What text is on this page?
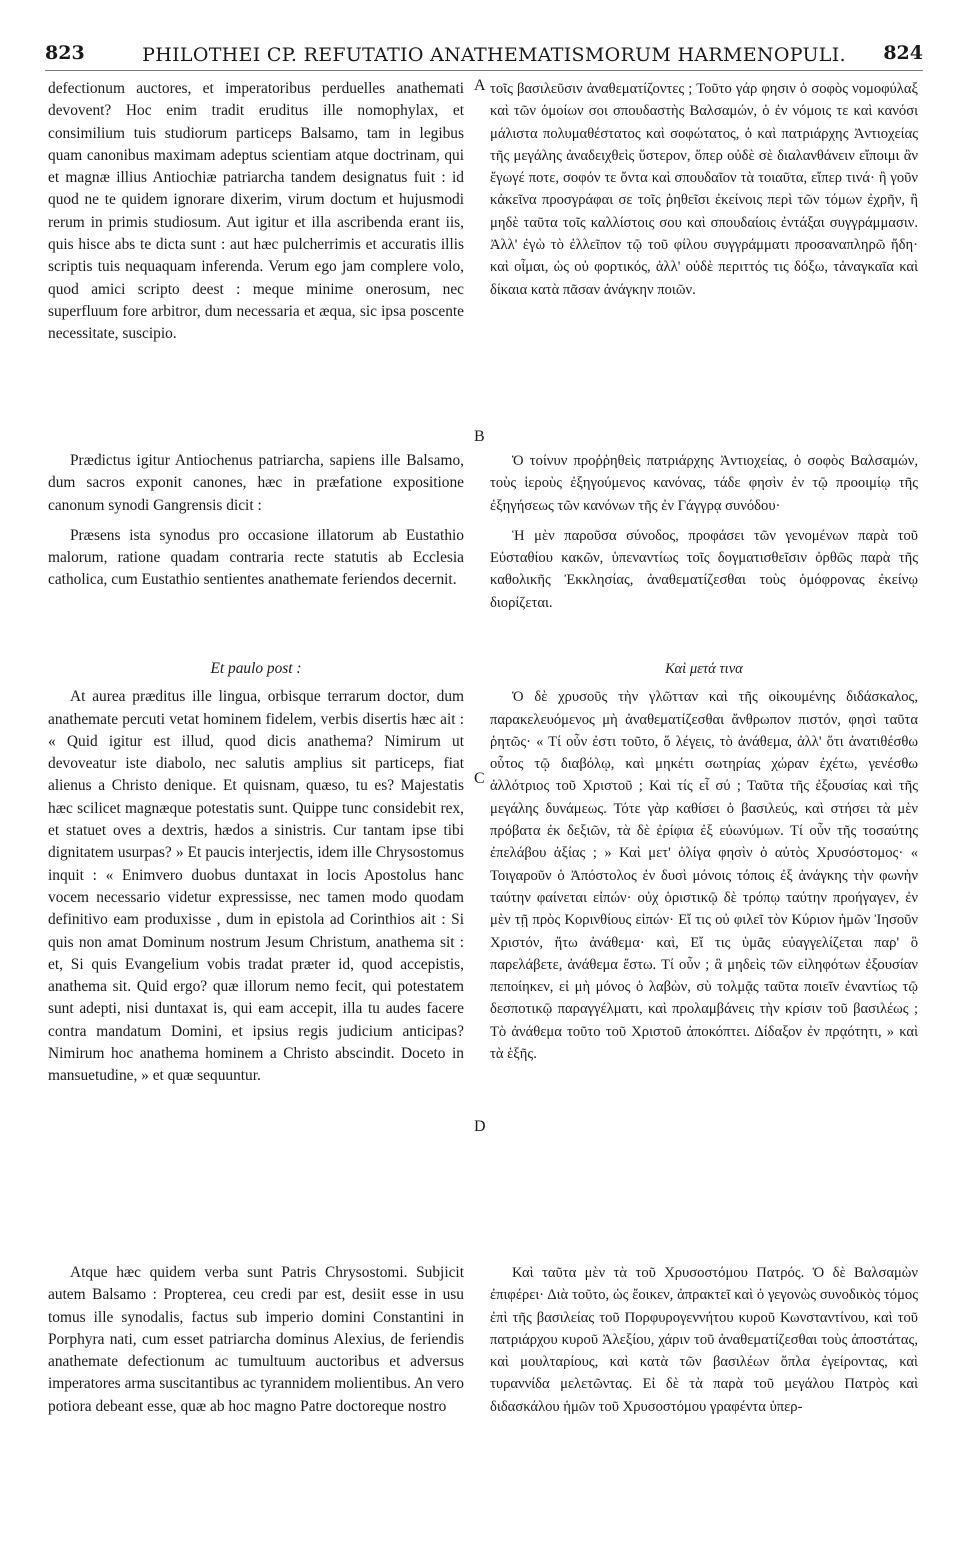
823	PHILOTHEI CP. REFUTATIO ANATHEMATISMORUM HARMENOPULI. 824
A
B
C
D

defectionum auctores, et imperatoribus perduelles anathemati devovent? Hoc enim tradit eruditus ille nomophylax, et consimilium tuis studiorum particeps Balsamo, tam in legibus quam canonibus maximam adeptus scientiam atque doctrinam, qui et magnæ illius Antiochiæ patriarcha tandem designatus fuit : id quod ne te quidem ignorare dixerim, virum doctum et hujusmodi rerum in primis studiosum. Aut igitur et illa ascribenda erant iis, quis hisce abs te dicta sunt : aut hæc pulcherrimis et accuratis illis scriptis tuis nequaquam inferenda. Verum ego jam complere volo, quod amici scripto deest : meque minime onerosum, nec superfluum fore arbitror, dum necessaria et æqua, sic ipsa poscente necessitate, suscipio.

Prædictus igitur Antiochenus patriarcha, sapiens ille Balsamo, dum sacros exponit canones, hæc in præfatione expositione canonum synodi Gangrensis dicit :

Præsens ista synodus pro occasione illatorum ab Eustathio malorum, ratione quadam contraria recte statutis ab Ecclesia catholica, cum Eustathio sentientes anathemate feriendos decernit.

Et paulo post :

At aurea præditus ille lingua, orbisque terrarum doctor, dum anathemate percuti vetat hominem fidelem, verbis disertis hæc ait : « Quid igitur est illud, quod dicis anathema? Nimirum ut devoveatur iste diabolo, nec salutis amplius sit particeps, fiat alienus a Christo denique. Et quisnam, quæso, tu es? Majestatis hæc scilicet magnæque potestatis sunt. Quippe tunc considebit rex, et statuet oves a dextris, hædos a sinistris. Cur tantam ipse tibi dignitatem usurpas? » Et paucis interjectis, idem ille Chrysostomus inquit : « Enimvero duobus duntaxat in locis Apostolus hanc vocem necessario videtur expressisse, nec tamen modo quodam definitivo eam produxisse , dum in epistola ad Corinthios ait : Si quis non amat Dominum nostrum Jesum Christum, anathema sit : et, Si quis Evangelium vobis tradat præter id, quod accepistis, anathema sit. Quid ergo? quæ illorum nemo fecit, qui potestatem sunt adepti, nisi duntaxat is, qui eam accepit, illa tu audes facere contra mandatum Domini, et ipsius regis judicium anticipas? Nimirum hoc anathema hominem a Christo abscindit. Doceto in mansuetudine, » et quæ sequuntur.

Atque hæc quidem verba sunt Patris Chrysostomi. Subjicit autem Balsamo : Propterea, ceu credi par est, desiit esse in usu tomus ille synodalis, factus sub imperio domini Constantini in Porphyra nati, cum esset patriarcha dominus Alexius, de feriendis anathemate defectionum ac tumultuum auctoribus et adversus imperatores arma suscitantibus ac tyrannidem molientibus. An vero potiora debeant esse, quæ ab hoc magno Patre doctoreque nostro

τοῖς βασιλεῦσιν ἀναθεματίζοντες ; Τοῦτο γάρ φησιν ὁ σοφὸς νομοφύλαξ καὶ τῶν ὁμοίων σοι σπουδαστὴς Βαλσαμών, ὁ ἐν νόμοις τε καὶ κανόσι μάλιστα πολυμαθέστατος καὶ σοφώτατος, ὁ καὶ πατριάρχης Ἀντιοχείας τῆς μεγάλης ἀναδειχθεὶς ὕστερον, ὅπερ οὐδὲ σὲ διαλανθάνειν εἴποιμι ἂν ἔγωγέ ποτε, σοφόν τε ὄντα καὶ σπουδαῖον τὰ τοιαῦτα, εἴπερ τινά· ἢ γοῦν κἀκεῖνα προσγράφαι σε τοῖς ῥηθεῖσι ἐκείνοις περὶ τῶν τόμων ἐχρῆν, ἢ μηδὲ ταῦτα τοῖς καλλίστοις σου καὶ σπουδαίοις ἐντάξαι συγγράμμασιν. Ἀλλ' ἐγὼ τὸ ἐλλεῖπον τῷ τοῦ φίλου συγγράμματι προσαναπληρῶ ἤδη· καὶ οἶμαι, ὡς οὐ φορτικός, ἀλλ' οὐδὲ περιττός τις δόξω, τἀναγκαῖα καὶ δίκαια κατὰ πᾶσαν ἀνάγκην ποιῶν.

Ὁ τοίνυν προῤῥηθεὶς πατριάρχης Ἀντιοχείας, ὁ σοφὸς Βαλσαμών, τοὺς ἱεροὺς ἐξηγούμενος κανόνας, τάδε φησὶν ἐν τῷ προοιμίῳ τῆς ἐξηγήσεως τῶν κανόνων τῆς ἐν Γάγγρᾳ συνόδου·

Ἡ μὲν παροῦσα σύνοδος, προφάσει τῶν γενομένων παρὰ τοῦ Εὐσταθίου κακῶν, ὑπεναντίως τοῖς δογματισθεῖσιν ὀρθῶς παρὰ τῆς καθολικῆς Ἐκκλησίας, ἀναθεματίζεσθαι τοὺς ὁμόφρονας ἐκείνῳ διορίζεται.

Καὶ μετά τινα

Ὁ δὲ χρυσοῦς τὴν γλῶτταν καὶ τῆς οἰκουμένης διδάσκαλος, παρακελευόμενος μὴ ἀναθεματίζεσθαι ἄνθρωπον πιστόν, φησὶ ταῦτα ῥητῶς· « Τί οὖν ἐστι τοῦτο, ὅ λέγεις, τὸ ἀνάθεμα, ἀλλ' ὅτι ἀνατιθέσθω οὗτος τῷ διαβόλῳ, καὶ μηκέτι σωτηρίας χώραν ἐχέτω, γενέσθω ἀλλότριος τοῦ Χριστοῦ ; Καὶ τίς εἶ σύ ; Ταῦτα τῆς ἐξουσίας καὶ τῆς μεγάλης δυνάμεως. Τότε γὰρ καθίσει ὁ βασιλεύς, καὶ στήσει τὰ μὲν πρόβατα ἐκ δεξιῶν, τὰ δὲ ἐρίφια ἐξ εὐωνύμων. Τί οὖν τῆς τοσαύτης ἐπελάβου ἀξίας ; » Καὶ μετ' ὀλίγα φησὶν ὁ αὐτὸς Χρυσόστομος· « Τοιγαροῦν ὁ Ἀπόστολος ἐν δυσὶ μόνοις τόποις ἐξ ἀνάγκης τὴν φωνὴν ταύτην φαίνεται εἰπών· οὐχ ὁριστικῷ δὲ τρόπῳ ταύτην προήγαγεν, ἐν μὲν τῇ πρὸς Κορινθίους εἰπών· Εἴ τις οὐ φιλεῖ τὸν Κύριον ἡμῶν Ἰησοῦν Χριστόν, ἤτω ἀνάθεμα· καὶ, Εἴ τις ὑμᾶς εὐαγγελίζεται παρ' ὃ παρελάβετε, ἀνάθεμα ἔστω. Τί οὖν ; ἃ μηδεὶς τῶν εἰληφότων ἐξουσίαν πεποίηκεν, εἰ μὴ μόνος ὁ λαβὼν, σὺ τολμᾷς ταῦτα ποιεῖν ἐναντίως τῷ δεσποτικῷ παραγγέλματι, καὶ προλαμβάνεις τὴν κρίσιν τοῦ βασιλέως ; Τὸ ἀνάθεμα τοῦτο τοῦ Χριστοῦ ἀποκόπτει. Δίδαξον ἐν πρᾳότητι, » καὶ τὰ ἑξῆς.

Καὶ ταῦτα μὲν τὰ τοῦ Χρυσοστόμου Πατρός. Ὁ δὲ Βαλσαμὼν ἐπιφέρει· Διὰ τοῦτο, ὡς ἔοικεν, ἀπρακτεῖ καὶ ὁ γεγονὼς συνοδικὸς τόμος ἐπὶ τῆς βασιλείας τοῦ Πορφυρογεννήτου κυροῦ Κωνσταντίνου, καὶ τοῦ πατριάρχου κυροῦ Ἀλεξίου, χάριν τοῦ ἀναθεματίζεσθαι τοὺς ἀποστάτας, καὶ μουλταρίους, καὶ κατὰ τῶν βασιλέων ὅπλα ἐγείροντας, καὶ τυραννίδα μελετῶντας. Εἰ δὲ τὰ παρὰ τοῦ μεγάλου Πατρὸς καὶ διδασκάλου ἡμῶν τοῦ Χρυσοστόμου γραφέντα ὑπερ-
